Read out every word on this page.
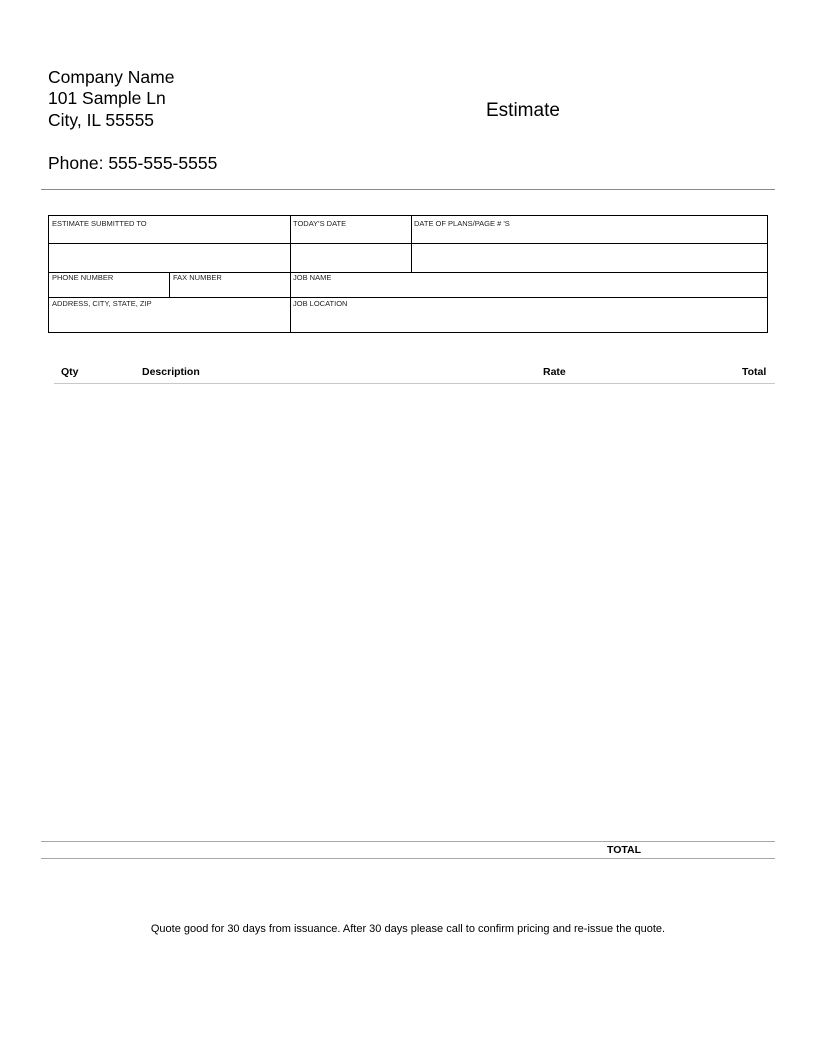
Company Name
101 Sample Ln
City, IL 55555
Phone: 555-555-5555
Estimate
ESTIMATE SUBMITTED TO	TODAY'S DATE	DATE OF PLANS/PAGE # 'S
PHONE NUMBER	FAX NUMBER	JOB NAME
ADDRESS, CITY, STATE, ZIP	JOB LOCATION
Qty	Description	Rate	Total
TOTAL
Quote good for 30 days from issuance. After 30 days please call to confirm pricing and re-issue the quote.
